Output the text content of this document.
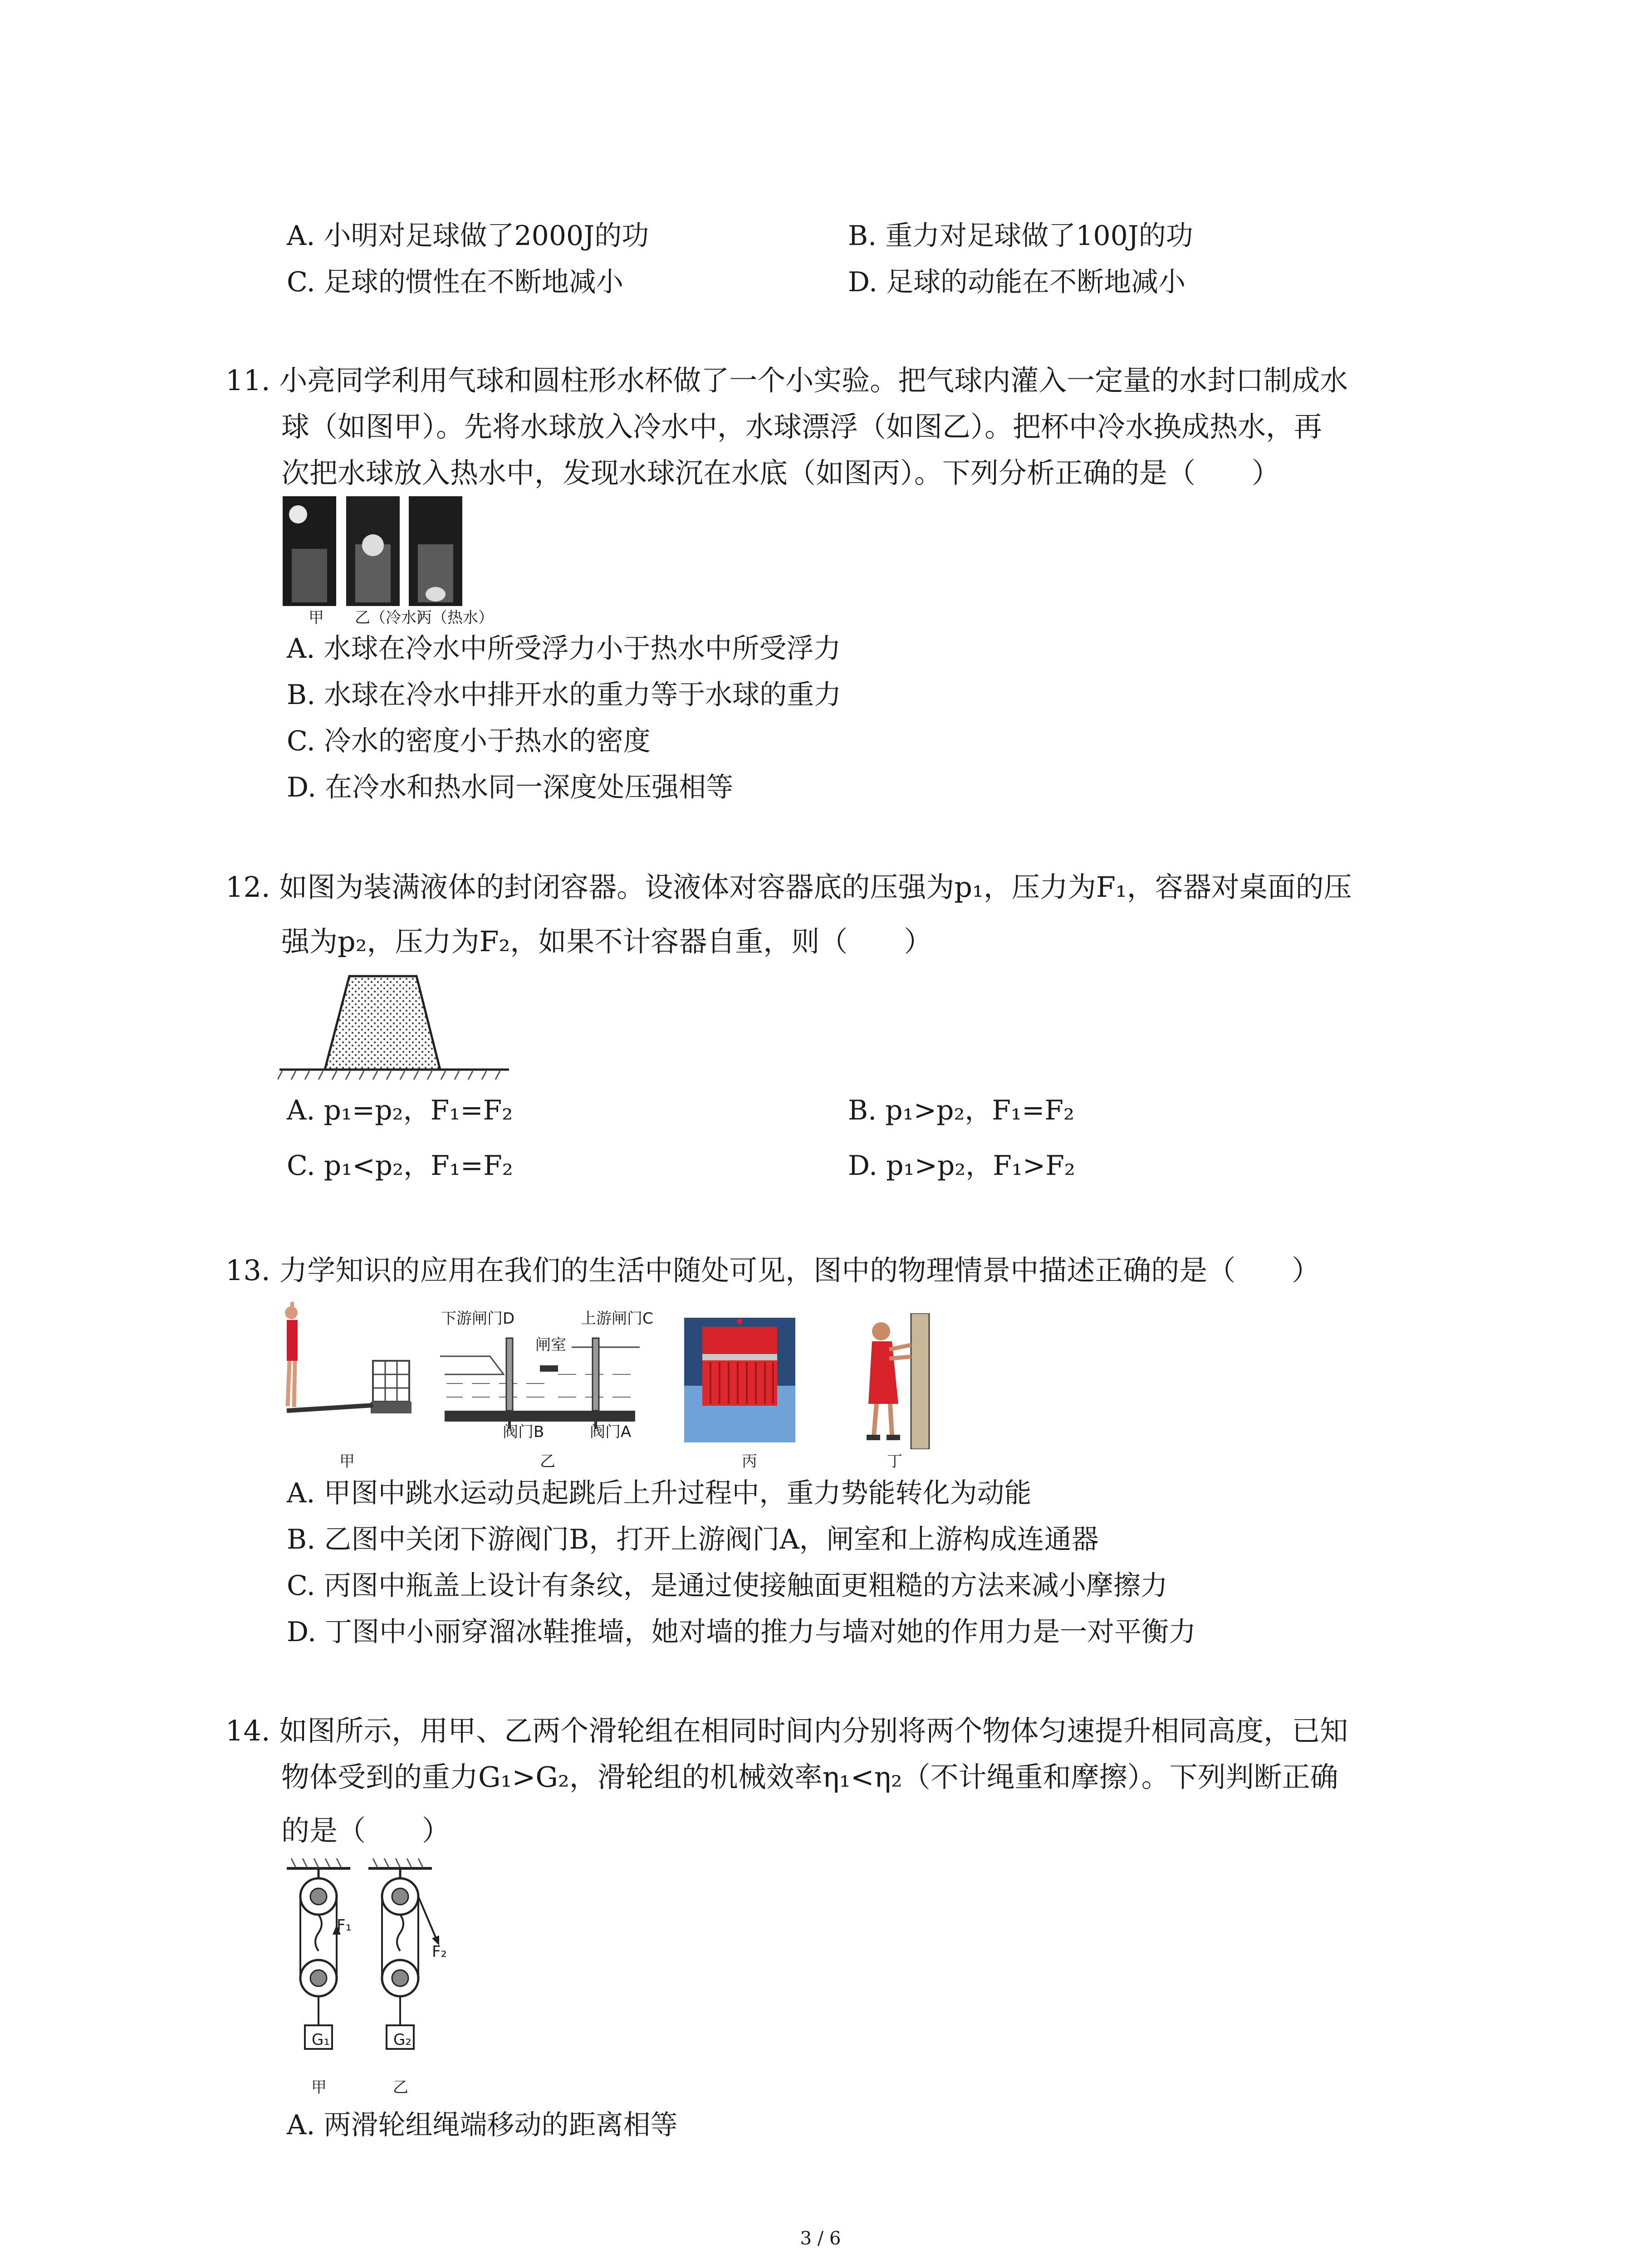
A. 小明对足球做了2000J的功	B. 重力对足球做了100J的功
C. 足球的惯性在不断地减小	D. 足球的动能在不断地减小
11. 小亮同学利用气球和圆柱形水杯做了一个小实验。把气球内灌入一定量的水封口制成水
球（如图甲）。先将水球放入冷水中，水球漂浮（如图乙）。把杯中冷水换成热水，再
次把水球放入热水中，发现水球沉在水底（如图丙）。下列分析正确的是（　　）
甲 乙（冷水）
丙（热水）
A. 水球在冷水中所受浮力小于热水中所受浮力
B. 水球在冷水中排开水的重力等于水球的重力
C. 冷水的密度小于热水的密度
D. 在冷水和热水同一深度处压强相等
12. 如图为装满液体的封闭容器。设液体对容器底的压强为p₁，压力为F₁，容器对桌面的压
强为p₂，压力为F₂，如果不计容器自重，则（　　）
A. p₁=p₂，F₁=F₂	B. p₁>p₂，F₁=F₂
C. p₁<p₂，F₁=F₂	D. p₁>p₂，F₁>F₂
13. 力学知识的应用在我们的生活中随处可见，图中的物理情景中描述正确的是（　　）
甲
下游闸门D	上游闸门C
闸室
阀门B	阀门A
乙	丙	丁
A. 甲图中跳水运动员起跳后上升过程中，重力势能转化为动能
B. 乙图中关闭下游阀门B，打开上游阀门A，闸室和上游构成连通器
C. 丙图中瓶盖上设计有条纹，是通过使接触面更粗糙的方法来减小摩擦力
D. 丁图中小丽穿溜冰鞋推墙，她对墙的推力与墙对她的作用力是一对平衡力
14. 如图所示，用甲、乙两个滑轮组在相同时间内分别将两个物体匀速提升相同高度，已知
物体受到的重力G₁>G₂，滑轮组的机械效率η₁<η₂（不计绳重和摩擦）。下列判断正确
的是（　　）
F₁
F₂
G₁	G₂
甲	乙
A. 两滑轮组绳端移动的距离相等
3 / 6
